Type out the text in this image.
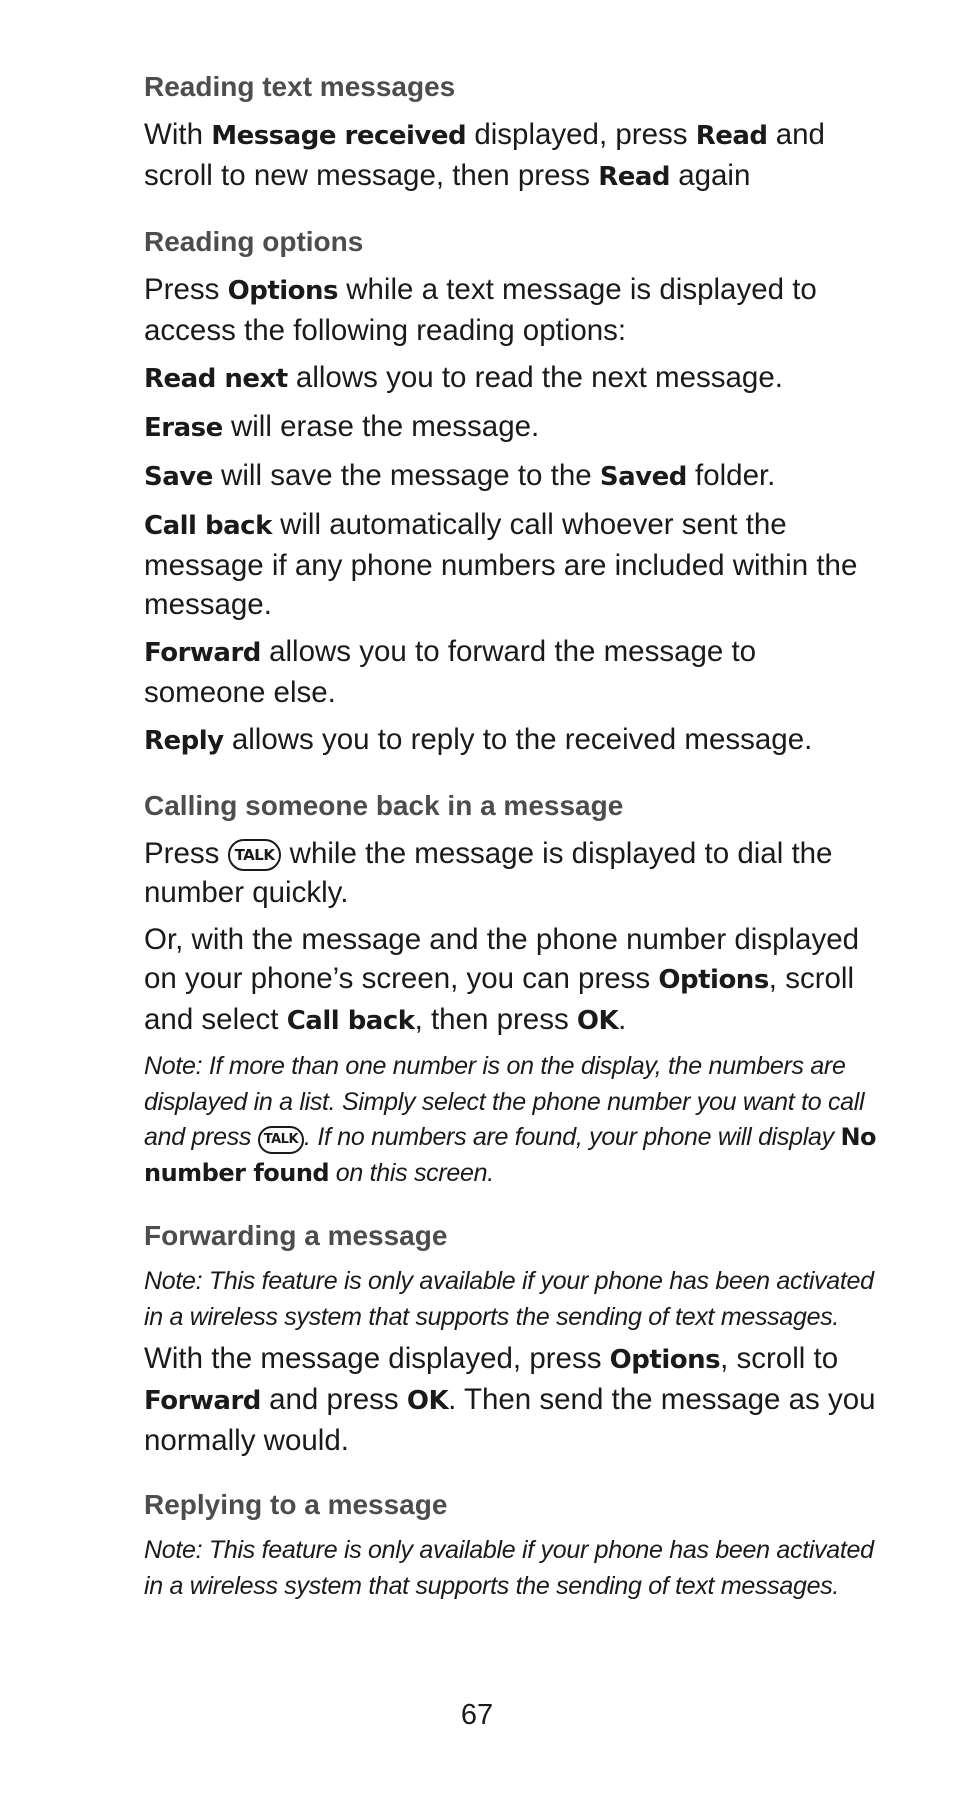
Reading text messages

With Message received displayed, press Read and scroll to new message, then press Read again

Reading options

Press Options while a text message is displayed to access the following reading options:

Read next allows you to read the next message.

Erase will erase the message.

Save will save the message to the Saved folder.

Call back will automatically call whoever sent the message if any phone numbers are included within the message.

Forward allows you to forward the message to someone else.

Reply allows you to reply to the received message.

Calling someone back in a message

Press TALK while the message is displayed to dial the number quickly.

Or, with the message and the phone number displayed on your phone’s screen, you can press Options, scroll and select Call back, then press OK.

Note: If more than one number is on the display, the numbers are displayed in a list. Simply select the phone number you want to call and press TALK . If no numbers are found, your phone will display No number found on this screen.

Forwarding a message

Note: This feature is only available if your phone has been activated in a wireless system that supports the sending of text messages.

With the message displayed, press Options, scroll to Forward and press OK. Then send the message as you normally would.

Replying to a message

Note: This feature is only available if your phone has been activated in a wireless system that supports the sending of text messages.

67
